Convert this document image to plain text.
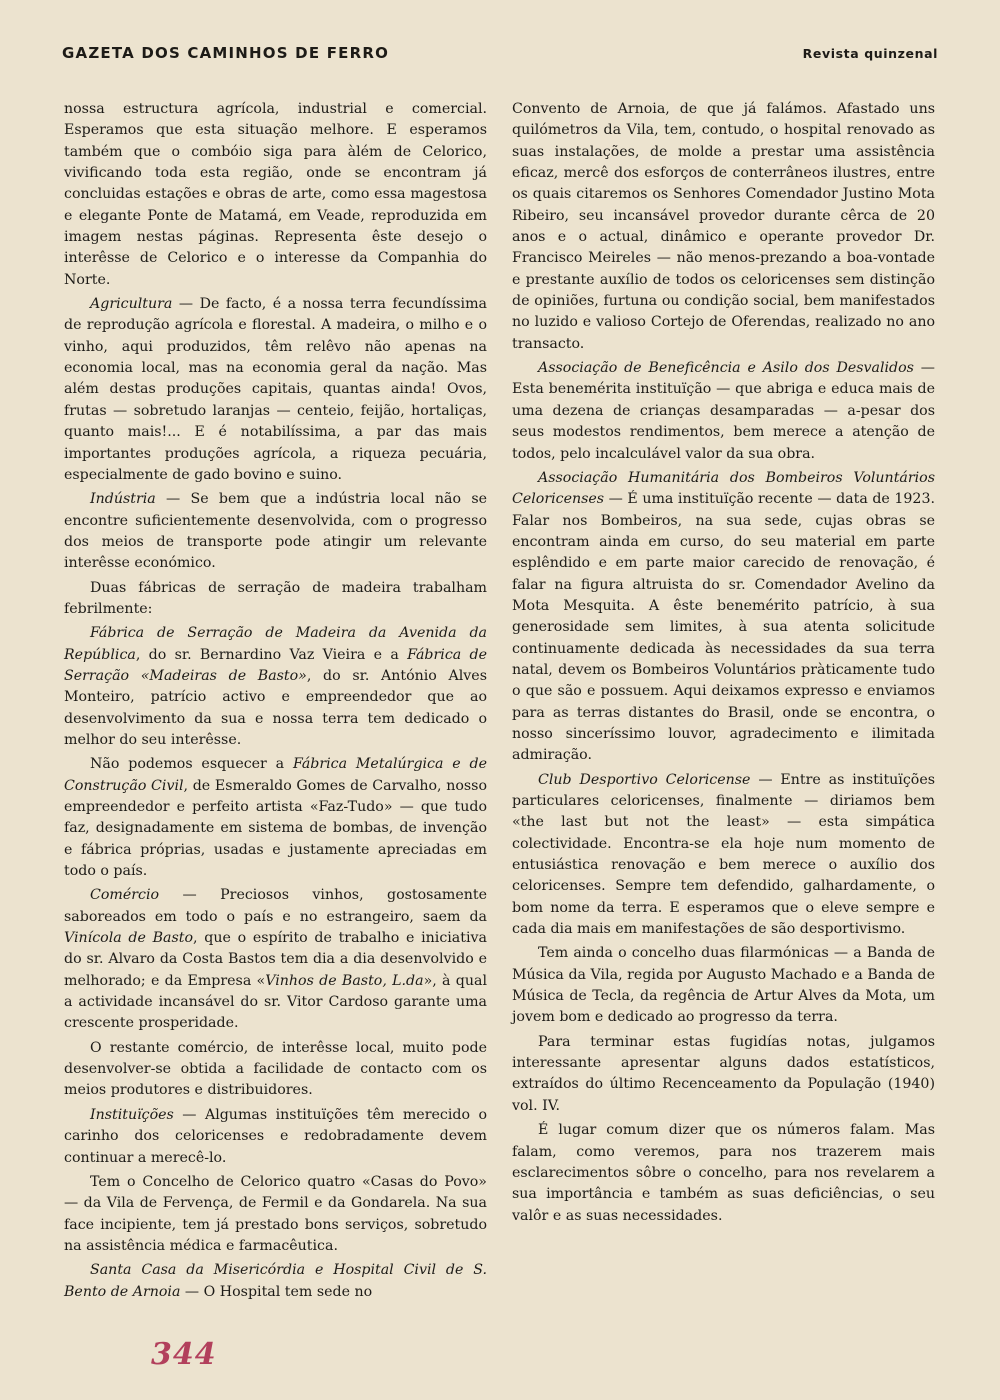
GAZETA DOS CAMINHOS DE FERRO	Revista quinzenal

nossa estructura agrícola, industrial e comercial. Esperamos que esta situação melhore. E esperamos também que o combóio siga para àlém de Celorico, vivificando toda esta região, onde se encontram já concluidas estações e obras de arte, como essa magestosa e elegante Ponte de Matamá, em Veade, reproduzida em imagem nestas páginas. Representa êste desejo o interêsse de Celorico e o interesse da Companhia do Norte.

Agricultura — De facto, é a nossa terra fecundíssima de reprodução agrícola e florestal. A madeira, o milho e o vinho, aqui produzidos, têm relêvo não apenas na economia local, mas na economia geral da nação. Mas além destas produções capitais, quantas ainda! Ovos, frutas — sobretudo laranjas — centeio, feijão, hortaliças, quanto mais!... E é notabilíssima, a par das mais importantes produções agrícola, a riqueza pecuária, especialmente de gado bovino e suino.

Indústria — Se bem que a indústria local não se encontre suficientemente desenvolvida, com o progresso dos meios de transporte pode atingir um relevante interêsse económico.

Duas fábricas de serração de madeira trabalham febrilmente:

Fábrica de Serração de Madeira da Avenida da República, do sr. Bernardino Vaz Vieira e a Fábrica de Serração «Madeiras de Basto», do sr. António Alves Monteiro, patrício activo e empreendedor que ao desenvolvimento da sua e nossa terra tem dedicado o melhor do seu interêsse.

Não podemos esquecer a Fábrica Metalúrgica e de Construção Civil, de Esmeraldo Gomes de Carvalho, nosso empreendedor e perfeito artista «Faz-Tudo» — que tudo faz, designadamente em sistema de bombas, de invenção e fábrica próprias, usadas e justamente apreciadas em todo o país.

Comércio — Preciosos vinhos, gostosamente saboreados em todo o país e no estrangeiro, saem da Vinícola de Basto, que o espírito de trabalho e iniciativa do sr. Alvaro da Costa Bastos tem dia a dia desenvolvido e melhorado; e da Empresa «Vinhos de Basto, L.da», à qual a actividade incansável do sr. Vitor Cardoso garante uma crescente prosperidade.

O restante comércio, de interêsse local, muito pode desenvolver-se obtida a facilidade de contacto com os meios produtores e distribuidores.

Instituïções — Algumas instituïções têm merecido o carinho dos celoricenses e redobradamente devem continuar a merecê-lo.

Tem o Concelho de Celorico quatro «Casas do Povo» — da Vila de Fervença, de Fermil e da Gondarela. Na sua face incipiente, tem já prestado bons serviços, sobretudo na assistência médica e farmacêutica.

Santa Casa da Misericórdia e Hospital Civil de S. Bento de Arnoia — O Hospital tem sede no

Convento de Arnoia, de que já falámos. Afastado uns quilómetros da Vila, tem, contudo, o hospital renovado as suas instalações, de molde a prestar uma assistência eficaz, mercê dos esforços de conterrâneos ilustres, entre os quais citaremos os Senhores Comendador Justino Mota Ribeiro, seu incansável provedor durante cêrca de 20 anos e o actual, dinâmico e operante provedor Dr. Francisco Meireles — não menos-prezando a boa-vontade e prestante auxílio de todos os celoricenses sem distinção de opiniões, furtuna ou condição social, bem manifestados no luzido e valioso Cortejo de Oferendas, realizado no ano transacto.

Associação de Beneficência e Asilo dos Desvalidos — Esta benemérita instituïção — que abriga e educa mais de uma dezena de crianças desamparadas — a-pesar dos seus modestos rendimentos, bem merece a atenção de todos, pelo incalculável valor da sua obra.

Associação Humanitária dos Bombeiros Voluntários Celoricenses — É uma instituïção recente — data de 1923. Falar nos Bombeiros, na sua sede, cujas obras se encontram ainda em curso, do seu material em parte esplêndido e em parte maior carecido de renovação, é falar na figura altruista do sr. Comendador Avelino da Mota Mesquita. A êste benemérito patrício, à sua generosidade sem limites, à sua atenta solicitude continuamente dedicada às necessidades da sua terra natal, devem os Bombeiros Voluntários pràticamente tudo o que são e possuem. Aqui deixamos expresso e enviamos para as terras distantes do Brasil, onde se encontra, o nosso sinceríssimo louvor, agradecimento e ilimitada admiração.

Club Desportivo Celoricense — Entre as instituïções particulares celoricenses, finalmente — diriamos bem «the last but not the least» — esta simpática colectividade. Encontra-se ela hoje num momento de entusiástica renovação e bem merece o auxílio dos celoricenses. Sempre tem defendido, galhardamente, o bom nome da terra. E esperamos que o eleve sempre e cada dia mais em manifestações de são desportivismo.

Tem ainda o concelho duas filarmónicas — a Banda de Música da Vila, regida por Augusto Machado e a Banda de Música de Tecla, da regência de Artur Alves da Mota, um jovem bom e dedicado ao progresso da terra.

Para terminar estas fugidías notas, julgamos interessante apresentar alguns dados estatísticos, extraídos do último Recenceamento da População (1940) vol. IV.

É lugar comum dizer que os números falam. Mas falam, como veremos, para nos trazerem mais esclarecimentos sôbre o concelho, para nos revelarem a sua importância e também as suas deficiências, o seu valôr e as suas necessidades.

344
